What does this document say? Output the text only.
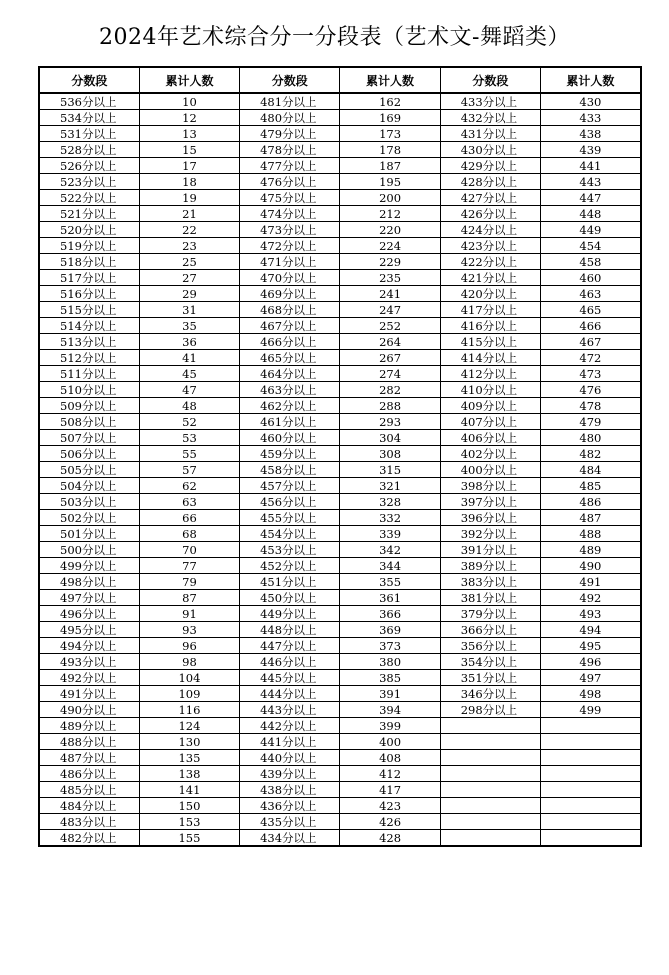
2024年艺术综合分一分段表（艺术文-舞蹈类）
分数段	累计人数	分数段	累计人数	分数段	累计人数
536分以上	10	481分以上	162	433分以上	430
534分以上	12	480分以上	169	432分以上	433
531分以上	13	479分以上	173	431分以上	438
528分以上	15	478分以上	178	430分以上	439
526分以上	17	477分以上	187	429分以上	441
523分以上	18	476分以上	195	428分以上	443
522分以上	19	475分以上	200	427分以上	447
521分以上	21	474分以上	212	426分以上	448
520分以上	22	473分以上	220	424分以上	449
519分以上	23	472分以上	224	423分以上	454
518分以上	25	471分以上	229	422分以上	458
517分以上	27	470分以上	235	421分以上	460
516分以上	29	469分以上	241	420分以上	463
515分以上	31	468分以上	247	417分以上	465
514分以上	35	467分以上	252	416分以上	466
513分以上	36	466分以上	264	415分以上	467
512分以上	41	465分以上	267	414分以上	472
511分以上	45	464分以上	274	412分以上	473
510分以上	47	463分以上	282	410分以上	476
509分以上	48	462分以上	288	409分以上	478
508分以上	52	461分以上	293	407分以上	479
507分以上	53	460分以上	304	406分以上	480
506分以上	55	459分以上	308	402分以上	482
505分以上	57	458分以上	315	400分以上	484
504分以上	62	457分以上	321	398分以上	485
503分以上	63	456分以上	328	397分以上	486
502分以上	66	455分以上	332	396分以上	487
501分以上	68	454分以上	339	392分以上	488
500分以上	70	453分以上	342	391分以上	489
499分以上	77	452分以上	344	389分以上	490
498分以上	79	451分以上	355	383分以上	491
497分以上	87	450分以上	361	381分以上	492
496分以上	91	449分以上	366	379分以上	493
495分以上	93	448分以上	369	366分以上	494
494分以上	96	447分以上	373	356分以上	495
493分以上	98	446分以上	380	354分以上	496
492分以上	104	445分以上	385	351分以上	497
491分以上	109	444分以上	391	346分以上	498
490分以上	116	443分以上	394	298分以上	499
489分以上	124	442分以上	399		
488分以上	130	441分以上	400		
487分以上	135	440分以上	408		
486分以上	138	439分以上	412		
485分以上	141	438分以上	417		
484分以上	150	436分以上	423		
483分以上	153	435分以上	426		
482分以上	155	434分以上	428		
